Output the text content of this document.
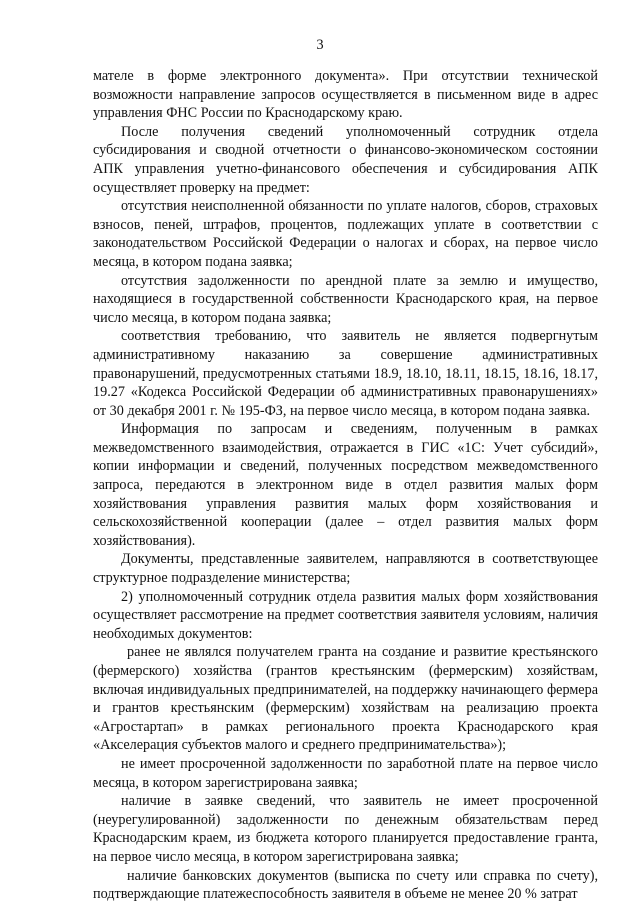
3

мателе в форме электронного документа». При отсутствии технической возможности направление запросов осуществляется в письменном виде в адрес управления ФНС России по Краснодарскому краю.

После получения сведений уполномоченный сотрудник отдела субсидирования и сводной отчетности о финансово-экономическом состоянии АПК управления учетно-финансового обеспечения и субсидирования АПК осуществляет проверку на предмет:

отсутствия неисполненной обязанности по уплате налогов, сборов, страховых взносов, пеней, штрафов, процентов, подлежащих уплате в соответствии с законодательством Российской Федерации о налогах и сборах, на первое число месяца, в котором подана заявка;

отсутствия задолженности по арендной плате за землю и имущество, находящиеся в государственной собственности Краснодарского края, на первое число месяца, в котором подана заявка;

соответствия требованию, что заявитель не является подвергнутым административному наказанию за совершение административных правонарушений, предусмотренных статьями 18.9, 18.10, 18.11, 18.15, 18.16, 18.17, 19.27 «Кодекса Российской Федерации об административных правонарушениях» от 30 декабря 2001 г. № 195-ФЗ, на первое число месяца, в котором подана заявка.

Информация по запросам и сведениям, полученным в рамках межведомственного взаимодействия, отражается в ГИС «1С: Учет субсидий», копии информации и сведений, полученных посредством межведомственного запроса, передаются в электронном виде в отдел развития малых форм хозяйствования управления развития малых форм хозяйствования и сельскохозяйственной кооперации (далее – отдел развития малых форм хозяйствования).

Документы, представленные заявителем, направляются в соответствующее структурное подразделение министерства;

2) уполномоченный сотрудник отдела развития малых форм хозяйствования осуществляет рассмотрение на предмет соответствия заявителя условиям, наличия необходимых документов:

ранее не являлся получателем гранта на создание и развитие крестьянского (фермерского) хозяйства (грантов крестьянским (фермерским) хозяйствам, включая индивидуальных предпринимателей, на поддержку начинающего фермера и грантов крестьянским (фермерским) хозяйствам на реализацию проекта «Агростартап» в рамках регионального проекта Краснодарского края «Акселерация субъектов малого и среднего предпринимательства»);

не имеет просроченной задолженности по заработной плате на первое число месяца, в котором зарегистрирована заявка;

наличие в заявке сведений, что заявитель не имеет просроченной (неурегулированной) задолженности по денежным обязательствам перед Краснодарским краем, из бюджета которого планируется предоставление гранта, на первое число месяца, в котором зарегистрирована заявка;

наличие банковских документов (выписка по счету или справка по счету), подтверждающие платежеспособность заявителя в объеме не менее 20 % затрат
